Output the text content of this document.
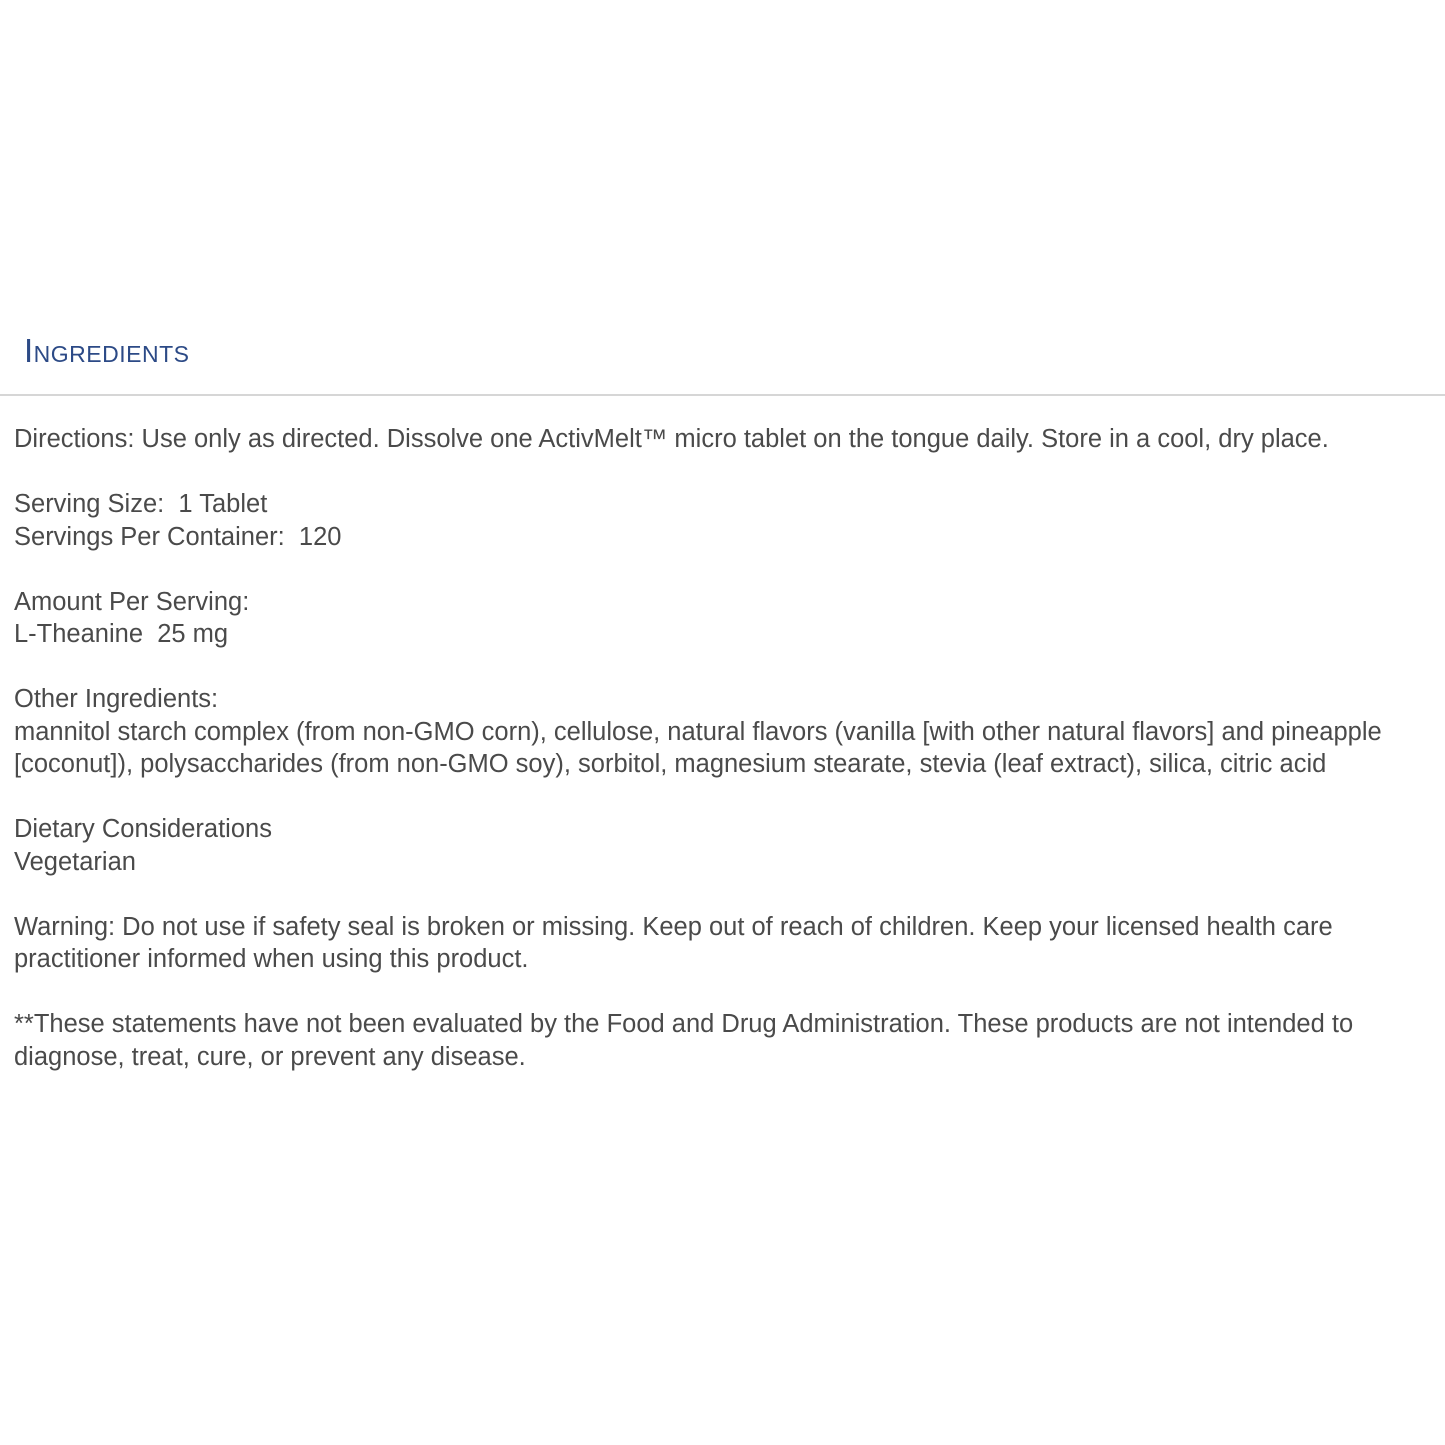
Ingredients

Directions: Use only as directed. Dissolve one ActivMelt™ micro tablet on the tongue daily. Store in a cool, dry place.

Serving Size: 1 Tablet
Servings Per Container: 120

Amount Per Serving:
L-Theanine 25 mg

Other Ingredients:
mannitol starch complex (from non-GMO corn), cellulose, natural flavors (vanilla [with other natural flavors] and pineapple [coconut]), polysaccharides (from non-GMO soy), sorbitol, magnesium stearate, stevia (leaf extract), silica, citric acid

Dietary Considerations
Vegetarian

Warning: Do not use if safety seal is broken or missing. Keep out of reach of children. Keep your licensed health care practitioner informed when using this product.

**These statements have not been evaluated by the Food and Drug Administration. These products are not intended to diagnose, treat, cure, or prevent any disease.
